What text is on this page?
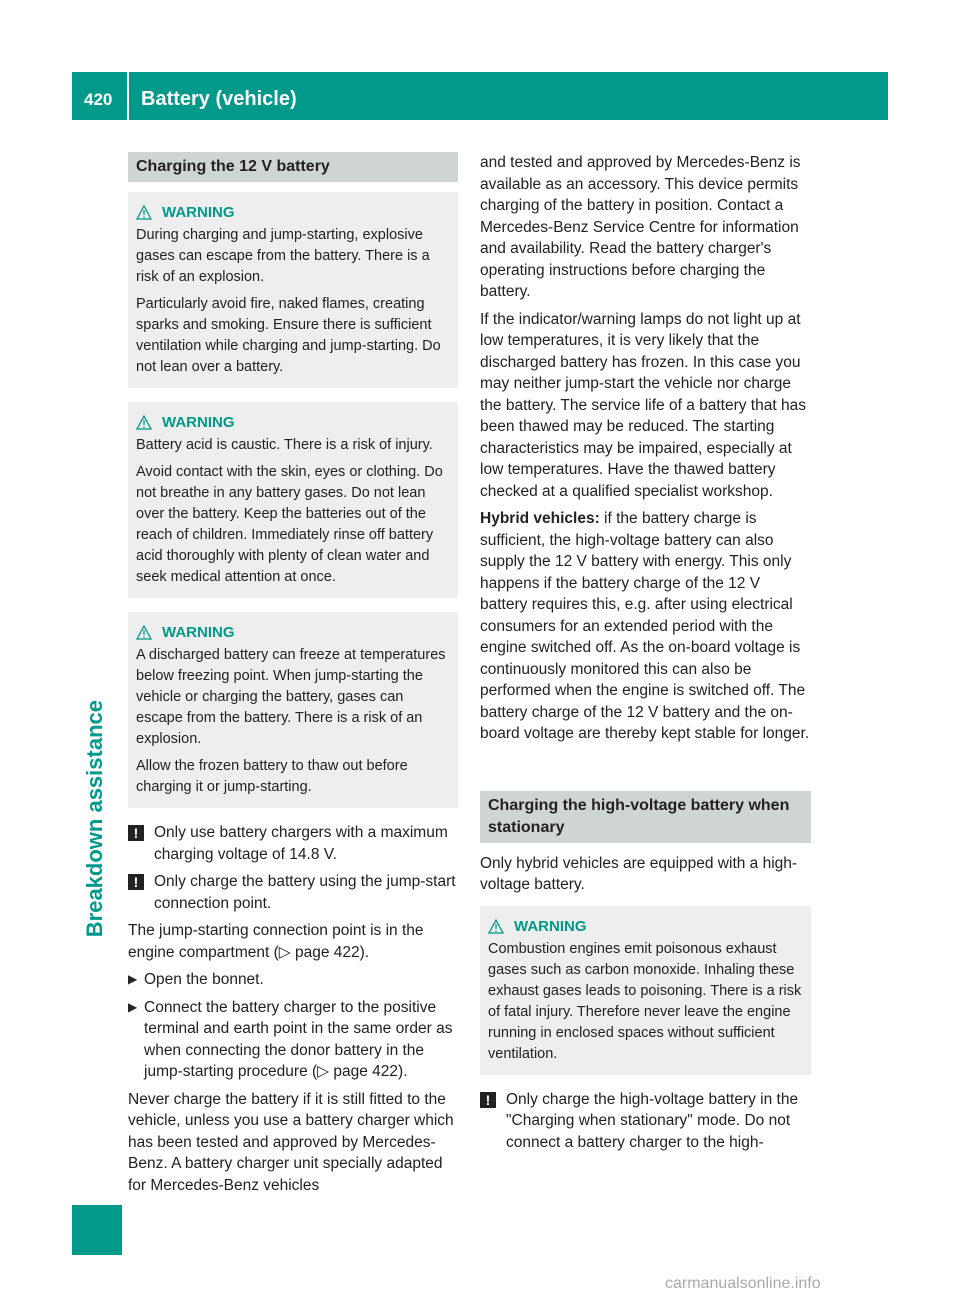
420 Battery (vehicle)
Breakdown assistance
Charging the 12 V battery
WARNING

During charging and jump-starting, explosive gases can escape from the battery. There is a risk of an explosion.

Particularly avoid fire, naked flames, creating sparks and smoking. Ensure there is sufficient ventilation while charging and jump-starting. Do not lean over a battery.

WARNING

Battery acid is caustic. There is a risk of injury.

Avoid contact with the skin, eyes or clothing. Do not breathe in any battery gases. Do not lean over the battery. Keep the batteries out of the reach of children. Immediately rinse off battery acid thoroughly with plenty of clean water and seek medical attention at once.

WARNING

A discharged battery can freeze at temperatures below freezing point. When jump-starting the vehicle or charging the battery, gases can escape from the battery. There is a risk of an explosion.

Allow the frozen battery to thaw out before charging it or jump-starting.

!	Only use battery chargers with a maximum charging voltage of 14.8 V.
!	Only charge the battery using the jump-start connection point.

The jump-starting connection point is in the engine compartment (▷ page 422).

▶ Open the bonnet.
▶ Connect the battery charger to the positive terminal and earth point in the same order as when connecting the donor battery in the jump-starting procedure (▷ page 422).

Never charge the battery if it is still fitted to the vehicle, unless you use a battery charger which has been tested and approved by Mercedes-Benz. A battery charger unit specially adapted for Mercedes-Benz vehicles

and tested and approved by Mercedes-Benz is available as an accessory. This device permits charging of the battery in position. Contact a Mercedes-Benz Service Centre for information and availability. Read the battery charger's operating instructions before charging the battery.

If the indicator/warning lamps do not light up at low temperatures, it is very likely that the discharged battery has frozen. In this case you may neither jump-start the vehicle nor charge the battery. The service life of a battery that has been thawed may be reduced. The starting characteristics may be impaired, especially at low temperatures. Have the thawed battery checked at a qualified specialist workshop.

Hybrid vehicles: if the battery charge is sufficient, the high-voltage battery can also supply the 12 V battery with energy. This only happens if the battery charge of the 12 V battery requires this, e.g. after using electrical consumers for an extended period with the engine switched off. As the on-board voltage is continuously monitored this can also be performed when the engine is switched off. The battery charge of the 12 V battery and the on-board voltage are thereby kept stable for longer.

Charging the high-voltage battery when stationary

Only hybrid vehicles are equipped with a high-voltage battery.

WARNING

Combustion engines emit poisonous exhaust gases such as carbon monoxide. Inhaling these exhaust gases leads to poisoning. There is a risk of fatal injury. Therefore never leave the engine running in enclosed spaces without sufficient ventilation.

!	Only charge the high-voltage battery in the "Charging when stationary" mode. Do not connect a battery charger to the high-
carmanualsonline.info
